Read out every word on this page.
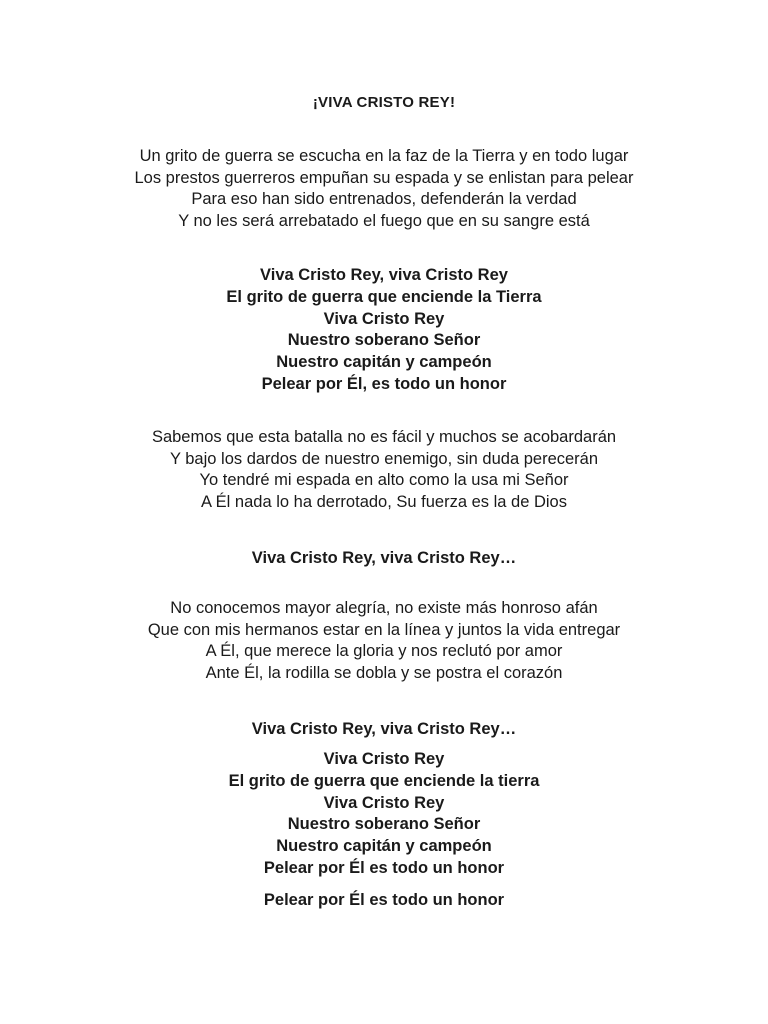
¡VIVA CRISTO REY!
Un grito de guerra se escucha en la faz de la Tierra y en todo lugar
Los prestos guerreros empuñan su espada y se enlistan para pelear
Para eso han sido entrenados, defenderán la verdad
Y no les será arrebatado el fuego que en su sangre está
Viva Cristo Rey, viva Cristo Rey
El grito de guerra que enciende la Tierra
Viva Cristo Rey
Nuestro soberano Señor
Nuestro capitán y campeón
Pelear por Él, es todo un honor
Sabemos que esta batalla no es fácil y muchos se acobardarán
Y bajo los dardos de nuestro enemigo, sin duda perecerán
Yo tendré mi espada en alto como la usa mi Señor
A Él nada lo ha derrotado, Su fuerza es la de Dios
Viva Cristo Rey, viva Cristo Rey…
No conocemos mayor alegría, no existe más honroso afán
Que con mis hermanos estar en la línea y juntos la vida entregar
A Él, que merece la gloria y nos reclutó por amor
Ante Él, la rodilla se dobla y se postra el corazón
Viva Cristo Rey, viva Cristo Rey…
Viva Cristo Rey
El grito de guerra que enciende la tierra
Viva Cristo Rey
Nuestro soberano Señor
Nuestro capitán y campeón
Pelear por Él es todo un honor
Pelear por Él es todo un honor
